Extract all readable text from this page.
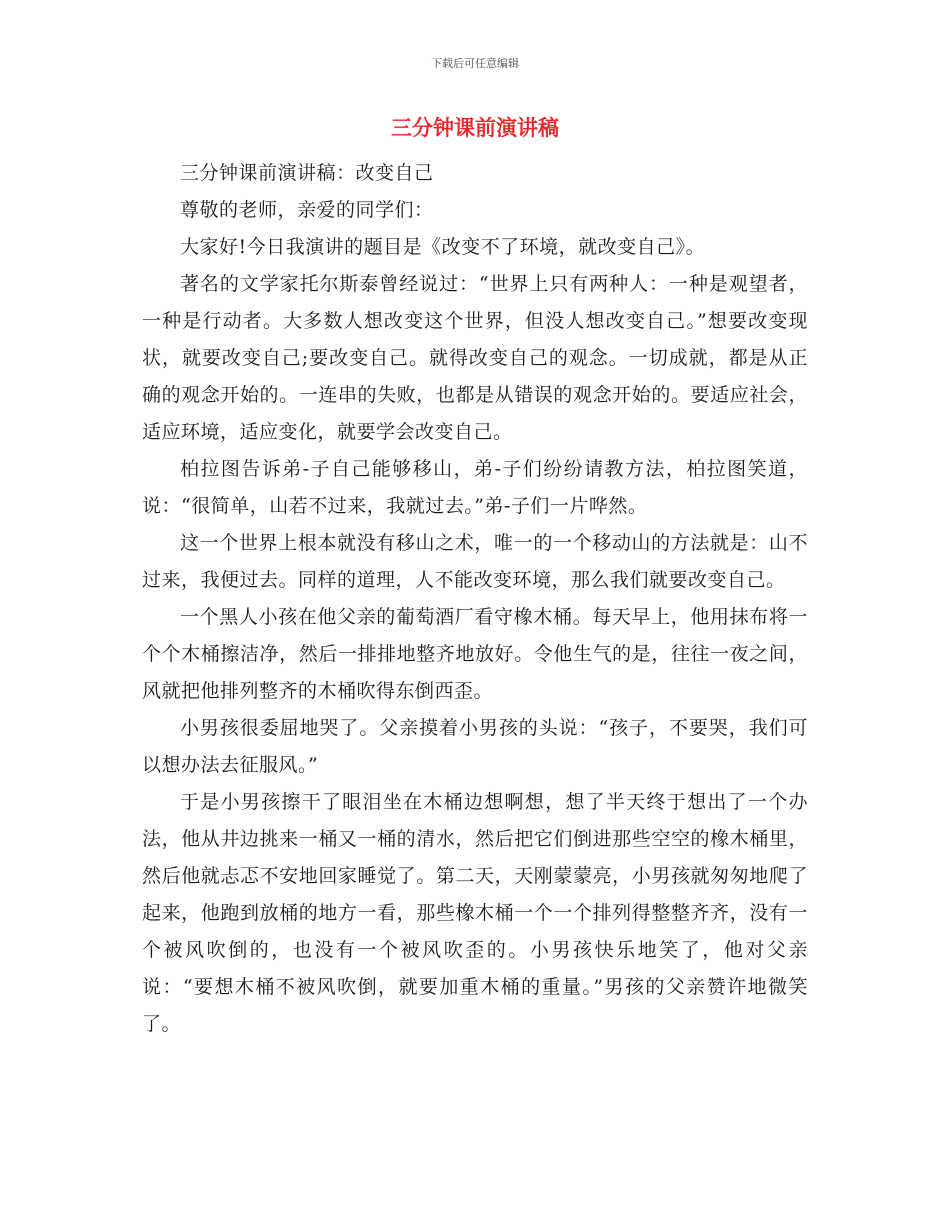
下载后可任意编辑
三分钟课前演讲稿

三分钟课前演讲稿：改变自己

尊敬的老师，亲爱的同学们：

大家好!今日我演讲的题目是《改变不了环境，就改变自己》。

著名的文学家托尔斯泰曾经说过：“世界上只有两种人：一种是观望者，一种是行动者。大多数人想改变这个世界，但没人想改变自己。”想要改变现状，就要改变自己;要改变自己。就得改变自己的观念。一切成就，都是从正确的观念开始的。一连串的失败，也都是从错误的观念开始的。要适应社会，适应环境，适应变化，就要学会改变自己。

柏拉图告诉弟-子自己能够移山，弟-子们纷纷请教方法，柏拉图笑道，说：“很简单，山若不过来，我就过去。”弟-子们一片哗然。

这一个世界上根本就没有移山之术，唯一的一个移动山的方法就是：山不过来，我便过去。同样的道理，人不能改变环境，那么我们就要改变自己。

一个黑人小孩在他父亲的葡萄酒厂看守橡木桶。每天早上，他用抹布将一个个木桶擦洁净，然后一排排地整齐地放好。令他生气的是，往往一夜之间，风就把他排列整齐的木桶吹得东倒西歪。

小男孩很委屈地哭了。父亲摸着小男孩的头说：“孩子，不要哭，我们可以想办法去征服风。”

于是小男孩擦干了眼泪坐在木桶边想啊想，想了半天终于想出了一个办法，他从井边挑来一桶又一桶的清水，然后把它们倒进那些空空的橡木桶里，然后他就忐忑不安地回家睡觉了。第二天，天刚蒙蒙亮，小男孩就匆匆地爬了起来，他跑到放桶的地方一看，那些橡木桶一个一个排列得整整齐齐，没有一个被风吹倒的，也没有一个被风吹歪的。小男孩快乐地笑了，他对父亲说：“要想木桶不被风吹倒，就要加重木桶的重量。”男孩的父亲赞许地微笑了。
